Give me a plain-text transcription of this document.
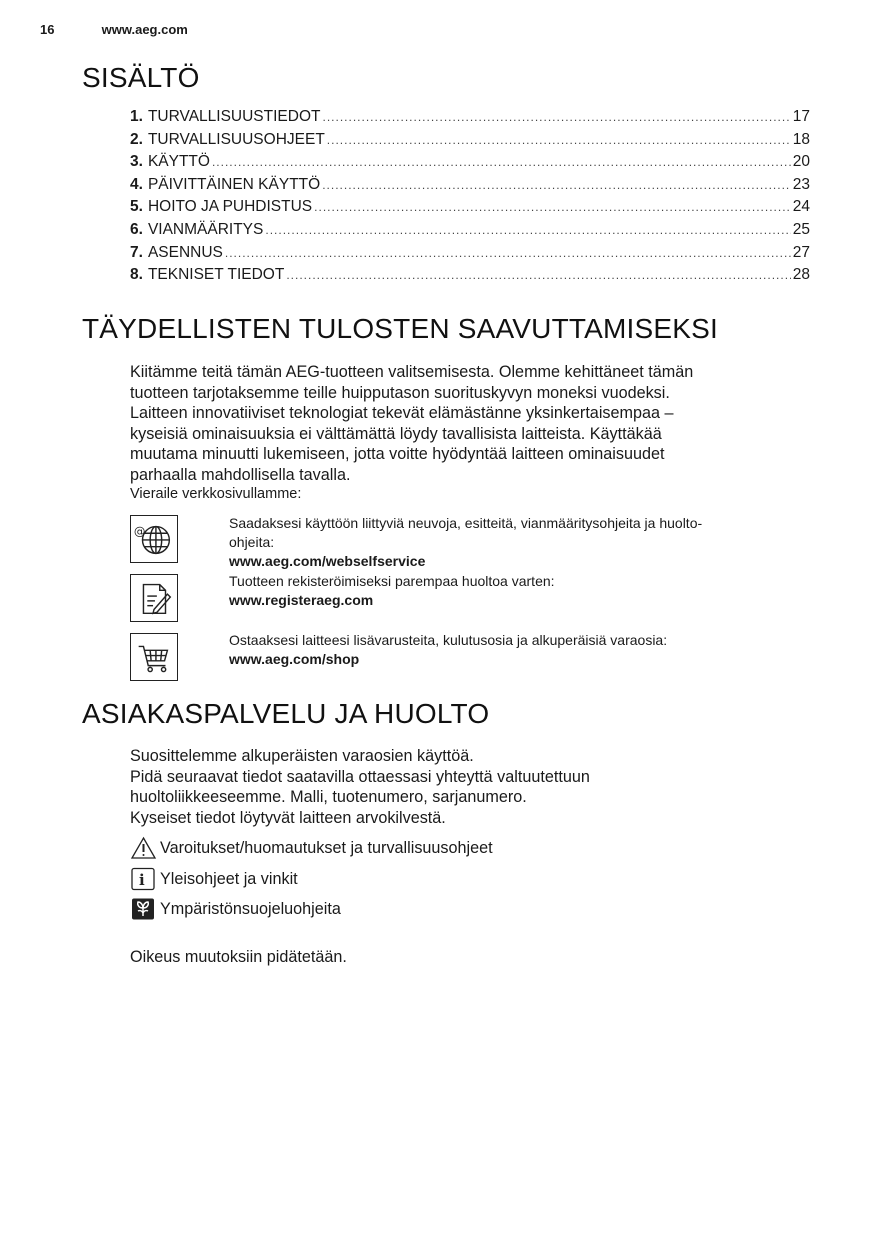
16	www.aeg.com
SISÄLTÖ
1. TURVALLISUUSTIEDOT .....	17
2. TURVALLISUUSOHJEET .....	18
3. KÄYTTÖ .....	20
4. PÄIVITTÄINEN KÄYTTÖ .....	23
5. HOITO JA PUHDISTUS .....	24
6. VIANMÄÄRITYS .....	25
7. ASENNUS .....	27
8. TEKNISET TIEDOT .....	28
TÄYDELLISTEN TULOSTEN SAAVUTTAMISEKSI
Kiitämme teitä tämän AEG-tuotteen valitsemisesta. Olemme kehittäneet tämän
tuotteen tarjotaksemme teille huipputason suorituskyvyn moneksi vuodeksi.
Laitteen innovatiiviset teknologiat tekevät elämästänne yksinkertaisempaa –
kyseisiä ominaisuuksia ei välttämättä löydy tavallisista laitteista. Käyttäkää
muutama minuutti lukemiseen, jotta voitte hyödyntää laitteen ominaisuudet
parhaalla mahdollisella tavalla.
Vieraile verkkosivullamme:
@
Saadaksesi käyttöön liittyviä neuvoja, esitteitä, vianmääritysohjeita ja huolto-
ohjeita:
www.aeg.com/webselfservice
Tuotteen rekisteröimiseksi parempaa huoltoa varten:
www.registeraeg.com
Ostaaksesi laitteesi lisävarusteita, kulutusosia ja alkuperäisiä varaosia:
www.aeg.com/shop
ASIAKASPALVELU JA HUOLTO
Suosittelemme alkuperäisten varaosien käyttöä.
Pidä seuraavat tiedot saatavilla ottaessasi yhteyttä valtuutettuun
huoltoliikkeeseemme. Malli, tuotenumero, sarjanumero.
Kyseiset tiedot löytyvät laitteen arvokilvestä.
Varoitukset/huomautukset ja turvallisuusohjeet
i Yleisohjeet ja vinkit
Ympäristönsuojeluohjeita
Oikeus muutoksiin pidätetään.
